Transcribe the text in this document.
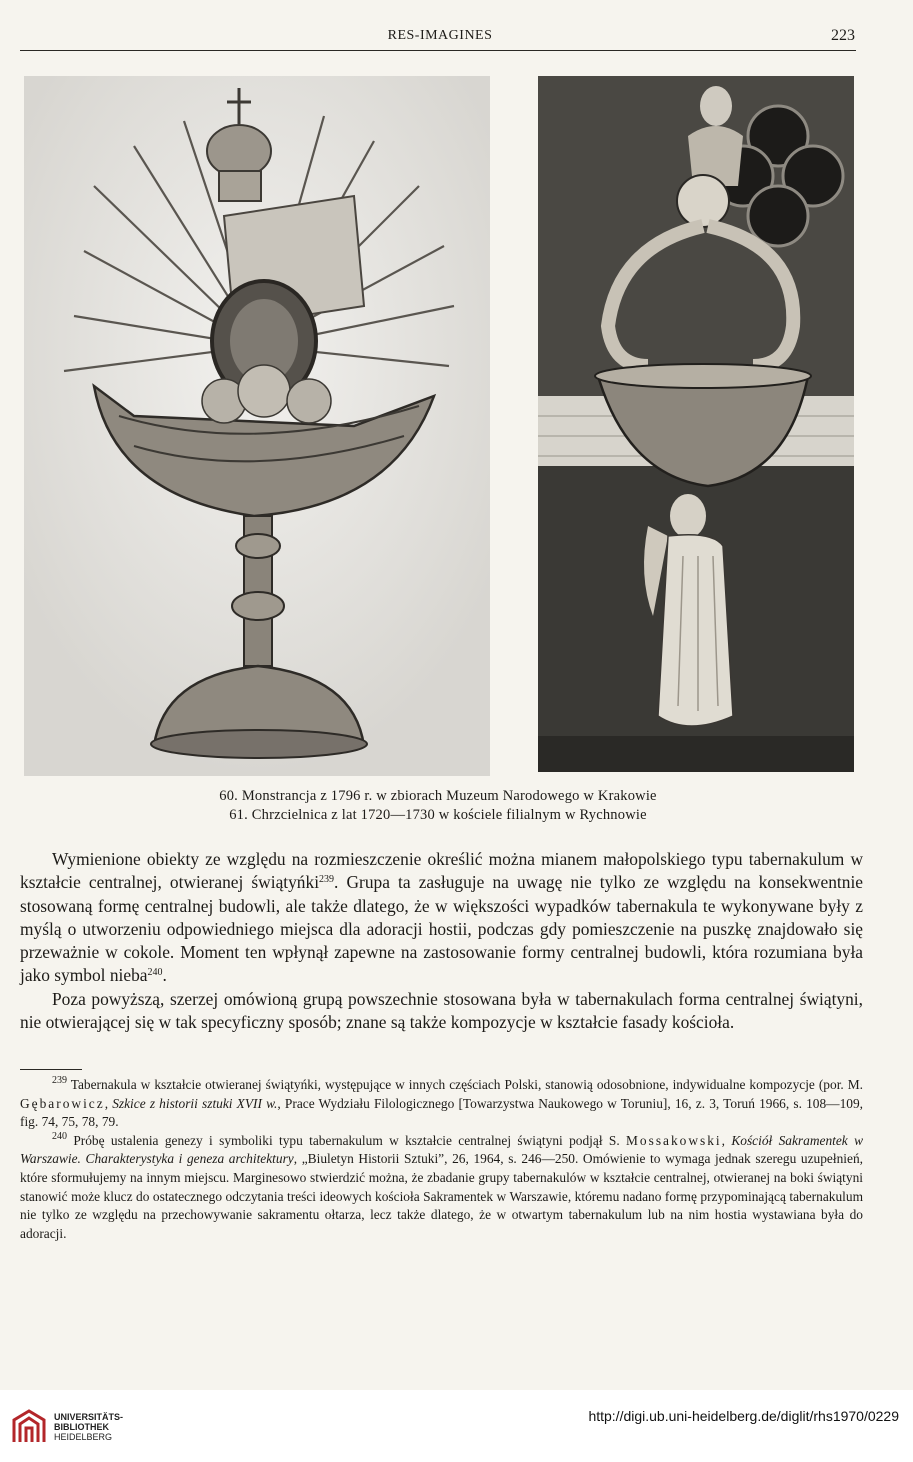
RES-IMAGINES	223
60. Monstrancja z 1796 r. w zbiorach Muzeum Narodowego w Krakowie
61. Chrzcielnica z lat 1720—1730 w kościele filialnym w Rychnowie

Wymienione obiekty ze względu na rozmieszczenie określić można mianem małopolskiego typu tabernakulum w kształcie centralnej, otwieranej świątyńki$^{239}$. Grupa ta zasługuje na uwagę nie tylko ze względu na konsekwentnie stosowaną formę centralnej budowli, ale także dlatego, że w większości wypadków tabernakula te wykonywane były z myślą o utworzeniu odpowiedniego miejsca dla adoracji hostii, podczas gdy pomieszczenie na puszkę znajdowało się przeważnie w cokole. Moment ten wpłynął zapewne na zastosowanie formy centralnej budowli, która rozumiana była jako symbol nieba$^{240}$.

Poza powyższą, szerzej omówioną grupą powszechnie stosowana była w tabernakulach forma centralnej świątyni, nie otwierającej się w tak specyficzny sposób; znane są także kompozycje w kształcie fasady kościoła.

$^{239}$ Tabernakula w kształcie otwieranej świątyńki, występujące w innych częściach Polski, stanowią odosobnione, indywidualne kompozycje (por. M. Gębarowicz, Szkice z historii sztuki XVII w., Prace Wydziału Filologicznego [Towarzystwa Naukowego w Toruniu], 16, z. 3, Toruń 1966, s. 108—109, fig. 74, 75, 78, 79.

$^{240}$ Próbę ustalenia genezy i symboliki typu tabernakulum w kształcie centralnej świątyni podjął S. Mossakowski, Kościół Sakramentek w Warszawie. Charakterystyka i geneza architektury, „Biuletyn Historii Sztuki”, 26, 1964, s. 246—250. Omówienie to wymaga jednak szeregu uzupełnień, które sformułujemy na innym miejscu. Marginesowo stwierdzić można, że zbadanie grupy tabernakulów w kształcie centralnej, otwieranej na boki świątyni stanowić może klucz do ostatecznego odczytania treści ideowych kościoła Sakramentek w Warszawie, któremu nadano formę przypominającą tabernakulum nie tylko ze względu na przechowywanie sakramentu ołtarza, lecz także dlatego, że w otwartym tabernakulum lub na nim hostia wystawiana była do adoracji.

UNIVERSITÄTS-
BIBLIOTHEK
HEIDELBERG
http://digi.ub.uni-heidelberg.de/diglit/rhs1970/0229
